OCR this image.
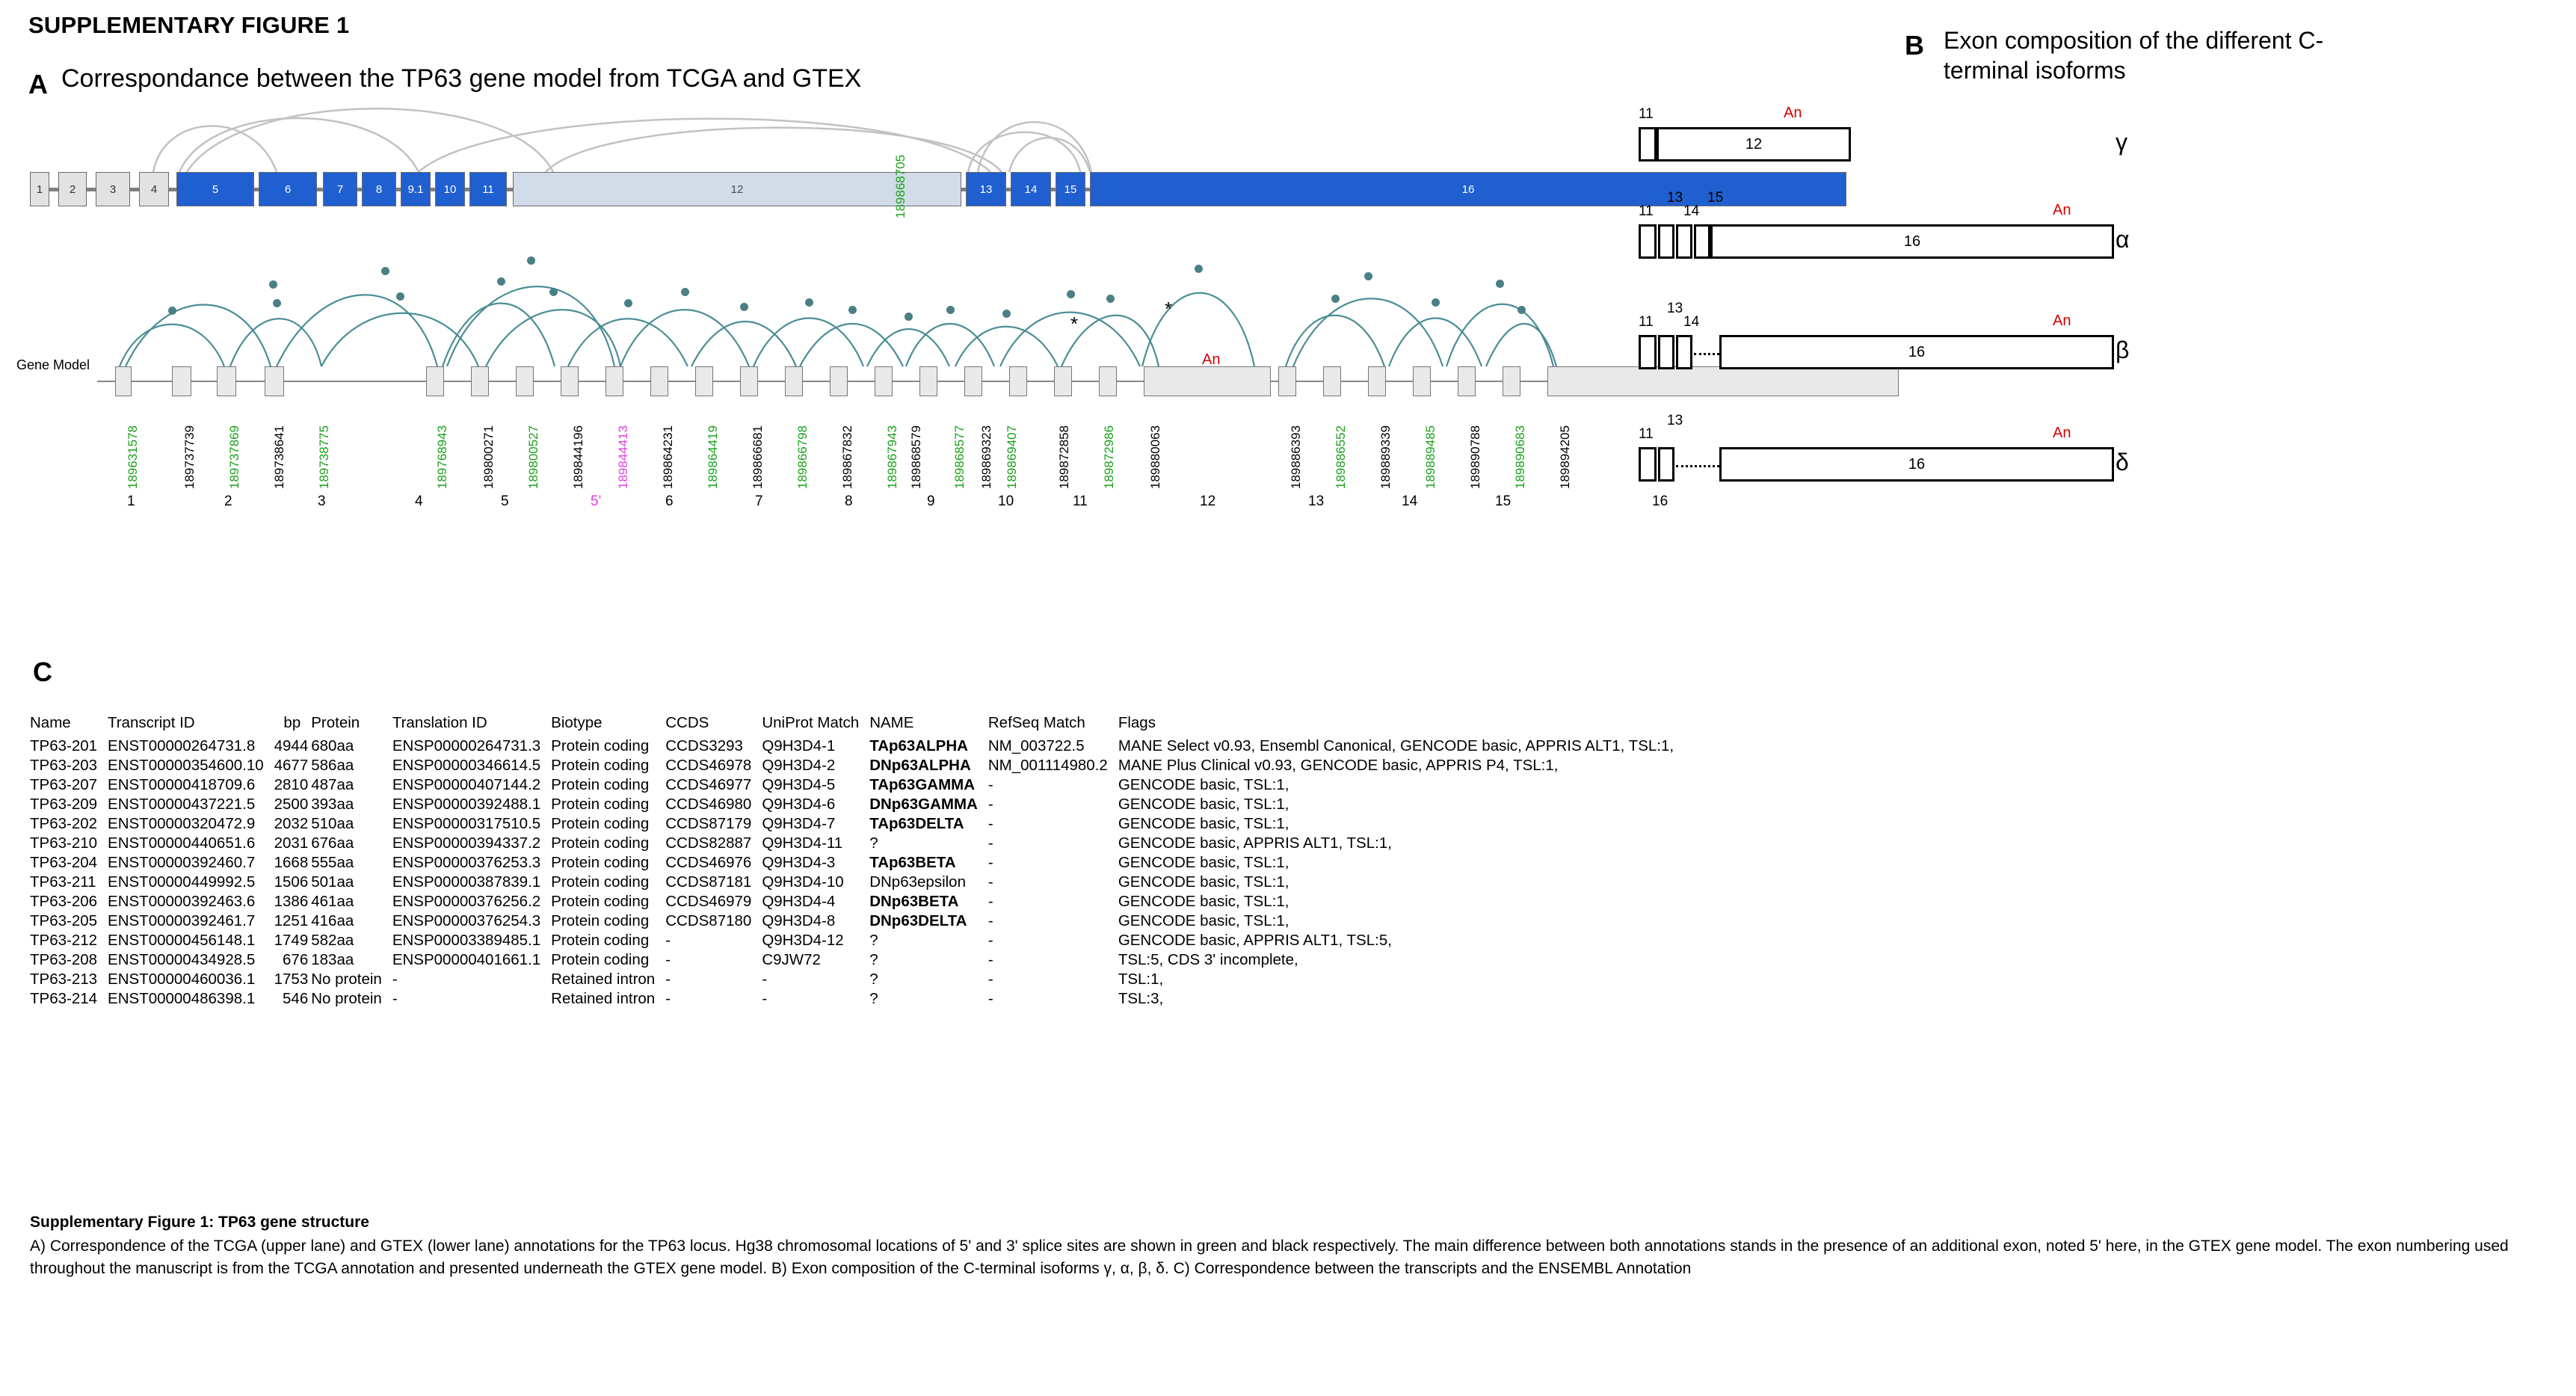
SUPPLEMENTARY FIGURE 1
A Correspondance between the TP63 gene model from TCGA and GTEX
1	2	3	4	5	6	7	8	9.1	10	11	12	13	14	15	16
Gene Model
189631578	189737739 189737869 189738641 189738775	189768943	189800271 189800527 189844196 189844413 189864231 189864419 189866681 189866798 189867832 189867943 189868579 189868577 189869323 189869407	189872858 189872986	189880063	189886393 189886552 189889339 189889485 189890788 189890683 189894205
1	2	3	4	5	5'	6	7	8	9	10	11	12	13	14	15	16
An
*
*
189868705
B Exon composition of the different C-terminal isoforms
11
12
An
γ
11
13
14
15
16
An
α
11
13
14
16
An
β
11
13
16
An
δ
C
Name	Transcript ID	bp	Protein	Translation ID	Biotype	CCDS	UniProt Match	NAME	RefSeq Match	Flags
TP63-201	ENST00000264731.8	4944	680aa	ENSP00000264731.3	Protein coding	CCDS3293	Q9H3D4-1	TAp63ALPHA	NM_003722.5	MANE Select v0.93, Ensembl Canonical, GENCODE basic, APPRIS ALT1, TSL:1,
TP63-203	ENST00000354600.10	4677	586aa	ENSP00000346614.5	Protein coding	CCDS46978	Q9H3D4-2	DNp63ALPHA	NM_001114980.2	MANE Plus Clinical v0.93, GENCODE basic, APPRIS P4, TSL:1,
TP63-207	ENST00000418709.6	2810	487aa	ENSP00000407144.2	Protein coding	CCDS46977	Q9H3D4-5	TAp63GAMMA	-	GENCODE basic, TSL:1,
TP63-209	ENST00000437221.5	2500	393aa	ENSP00000392488.1	Protein coding	CCDS46980	Q9H3D4-6	DNp63GAMMA	-	GENCODE basic, TSL:1,
TP63-202	ENST00000320472.9	2032	510aa	ENSP00000317510.5	Protein coding	CCDS87179	Q9H3D4-7	TAp63DELTA	-	GENCODE basic, TSL:1,
TP63-210	ENST00000440651.6	2031	676aa	ENSP00000394337.2	Protein coding	CCDS82887	Q9H3D4-11	?	-	GENCODE basic, APPRIS ALT1, TSL:1,
TP63-204	ENST00000392460.7	1668	555aa	ENSP00000376253.3	Protein coding	CCDS46976	Q9H3D4-3	TAp63BETA	-	GENCODE basic, TSL:1,
TP63-211	ENST00000449992.5	1506	501aa	ENSP00000387839.1	Protein coding	CCDS87181	Q9H3D4-10	DNp63epsilon	-	GENCODE basic, TSL:1,
TP63-206	ENST00000392463.6	1386	461aa	ENSP00000376256.2	Protein coding	CCDS46979	Q9H3D4-4	DNp63BETA	-	GENCODE basic, TSL:1,
TP63-205	ENST00000392461.7	1251	416aa	ENSP00000376254.3	Protein coding	CCDS87180	Q9H3D4-8	DNp63DELTA	-	GENCODE basic, TSL:1,
TP63-212	ENST00000456148.1	1749	582aa	ENSP00003389485.1	Protein coding	-	Q9H3D4-12	?	-	GENCODE basic, APPRIS ALT1, TSL:5,
TP63-208	ENST00000434928.5	676	183aa	ENSP00000401661.1	Protein coding	-	C9JW72	?	-	TSL:5, CDS 3' incomplete,
TP63-213	ENST00000460036.1	1753	No protein	-	Retained intron	-	-	?	-	TSL:1,
TP63-214	ENST00000486398.1	546	No protein	-	Retained intron	-	-	?	-	TSL:3,
Supplementary Figure 1: TP63 gene structure
A) Correspondence of the TCGA (upper lane) and GTEX (lower lane) annotations for the TP63 locus. Hg38 chromosomal locations of 5' and 3' splice sites are shown in green and black respectively. The main difference between both annotations stands in the presence of an additional exon, noted 5' here, in the GTEX gene model. The exon numbering used throughout the manuscript is from the TCGA annotation and presented underneath the GTEX gene model. B) Exon composition of the C-terminal isoforms γ, α, β, δ. C) Correspondence between the transcripts and the ENSEMBL Annotation
